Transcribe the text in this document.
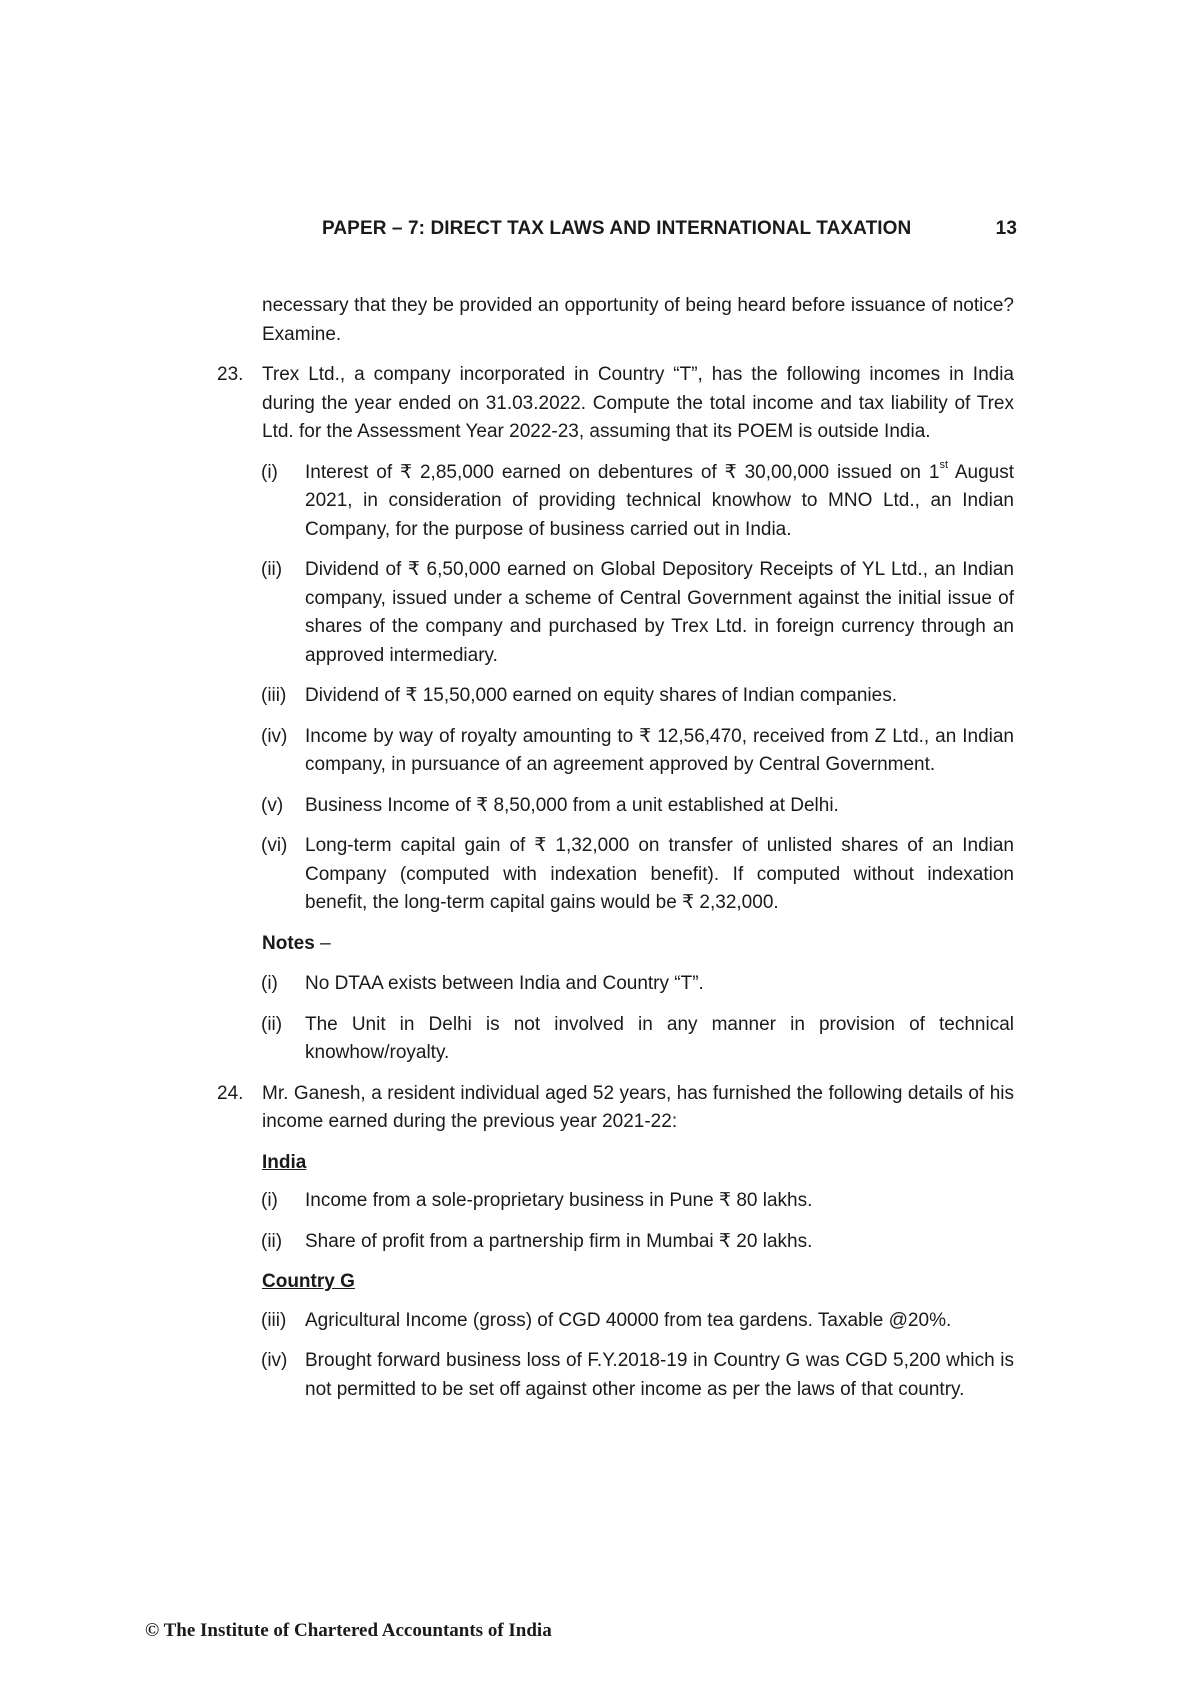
PAPER – 7: DIRECT TAX LAWS AND INTERNATIONAL TAXATION	13
necessary that they be provided an opportunity of being heard before issuance of notice? Examine.
23. Trex Ltd., a company incorporated in Country “T”, has the following incomes in India during the year ended on 31.03.2022. Compute the total income and tax liability of Trex Ltd. for the Assessment Year 2022-23, assuming that its POEM is outside India.
(i) Interest of ₹ 2,85,000 earned on debentures of ₹ 30,00,000 issued on 1st August 2021, in consideration of providing technical knowhow to MNO Ltd., an Indian Company, for the purpose of business carried out in India.
(ii) Dividend of ₹ 6,50,000 earned on Global Depository Receipts of YL Ltd., an Indian company, issued under a scheme of Central Government against the initial issue of shares of the company and purchased by Trex Ltd. in foreign currency through an approved intermediary.
(iii) Dividend of ₹ 15,50,000 earned on equity shares of Indian companies.
(iv) Income by way of royalty amounting to ₹ 12,56,470, received from Z Ltd., an Indian company, in pursuance of an agreement approved by Central Government.
(v) Business Income of ₹ 8,50,000 from a unit established at Delhi.
(vi) Long-term capital gain of ₹ 1,32,000 on transfer of unlisted shares of an Indian Company (computed with indexation benefit). If computed without indexation benefit, the long-term capital gains would be ₹ 2,32,000.
Notes –
(i) No DTAA exists between India and Country “T”.
(ii) The Unit in Delhi is not involved in any manner in provision of technical knowhow/royalty.
24. Mr. Ganesh, a resident individual aged 52 years, has furnished the following details of his income earned during the previous year 2021-22:
India
(i) Income from a sole-proprietary business in Pune ₹ 80 lakhs.
(ii) Share of profit from a partnership firm in Mumbai ₹ 20 lakhs.
Country G
(iii) Agricultural Income (gross) of CGD 40000 from tea gardens. Taxable @20%.
(iv) Brought forward business loss of F.Y.2018-19 in Country G was CGD 5,200 which is not permitted to be set off against other income as per the laws of that country.
© The Institute of Chartered Accountants of India
